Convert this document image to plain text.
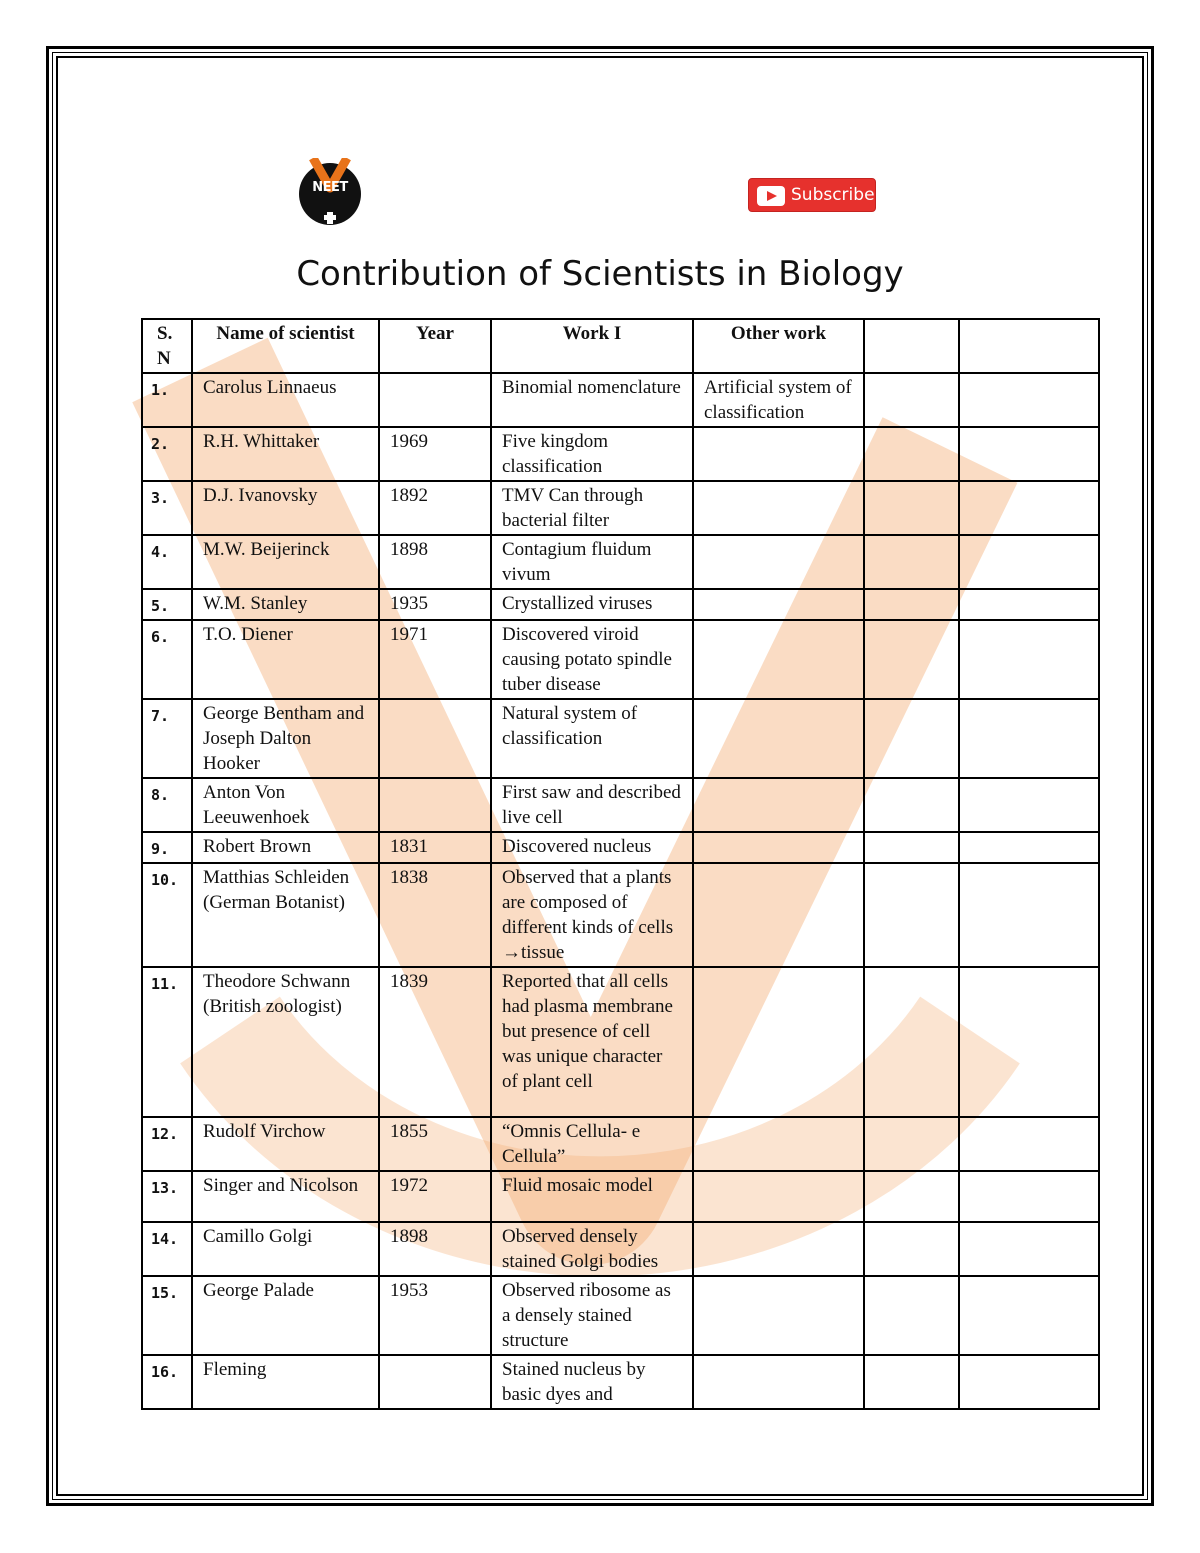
NEET	Subscribe
Contribution of Scientists in Biology
S. N	Name of scientist	Year	Work I	Other work		
1.	Carolus Linnaeus		Binomial nomenclature	Artificial system of classification		
2.	R.H. Whittaker	1969	Five kingdom classification			
3.	D.J. Ivanovsky	1892	TMV Can through bacterial filter			
4.	M.W. Beijerinck	1898	Contagium fluidum vivum			
5.	W.M. Stanley	1935	Crystallized viruses			
6.	T.O. Diener	1971	Discovered viroid causing potato spindle tuber disease			
7.	George Bentham and Joseph Dalton Hooker		Natural system of classification			
8.	Anton Von Leeuwenhoek		First saw and described live cell			
9.	Robert Brown	1831	Discovered nucleus			
10.	Matthias Schleiden (German Botanist)	1838	Observed that a plants are composed of different kinds of cells →tissue			
11.	Theodore Schwann (British zoologist)	1839	Reported that all cells had plasma membrane but presence of cell was unique character of plant cell			
12.	Rudolf Virchow	1855	“Omnis Cellula- e Cellula”			
13.	Singer and Nicolson	1972	Fluid mosaic model			
14.	Camillo Golgi	1898	Observed densely stained Golgi bodies			
15.	George Palade	1953	Observed ribosome as a densely stained structure			
16.	Fleming		Stained nucleus by basic dyes and			
